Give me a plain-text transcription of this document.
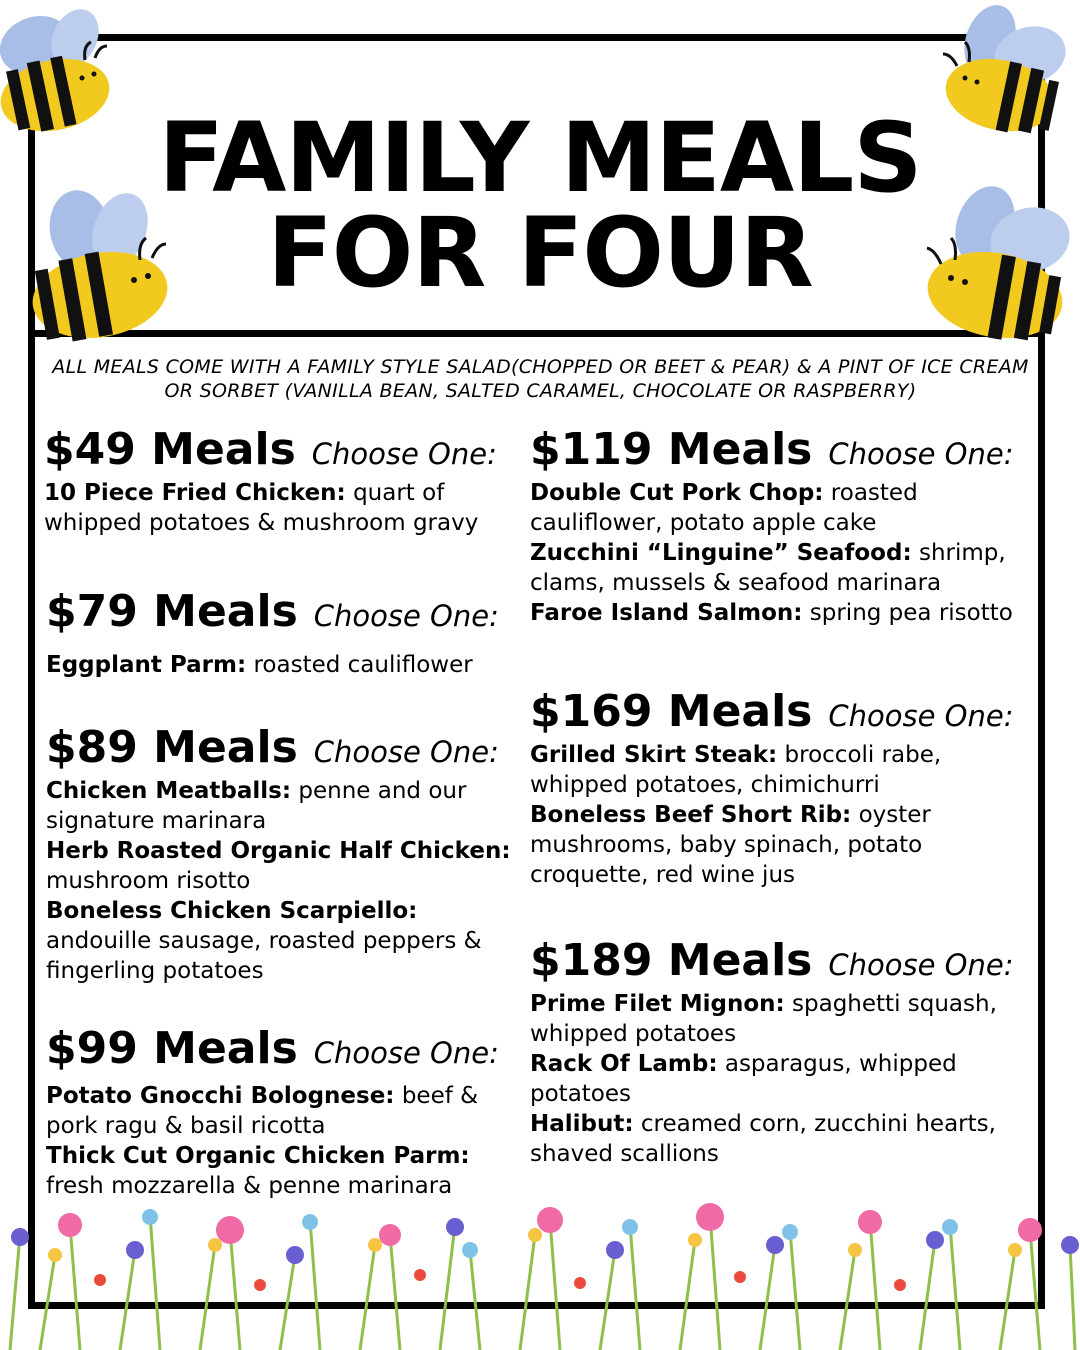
FAMILY MEALS
FOR FOUR

ALL MEALS COME WITH A FAMILY STYLE SALAD(CHOPPED OR BEET & PEAR) & A PINT OF ICE CREAM OR SORBET (VANILLA BEAN, SALTED CARAMEL, CHOCOLATE OR RASPBERRY)

$49 Meals Choose One:

10 Piece Fried Chicken: quart of whipped potatoes & mushroom gravy

$79 Meals Choose One:

Eggplant Parm: roasted cauliflower

$89 Meals Choose One:

Chicken Meatballs: penne and our signature marinara

Herb Roasted Organic Half Chicken: mushroom risotto

Boneless Chicken Scarpiello: andouille sausage, roasted peppers & fingerling potatoes

$99 Meals Choose One:

Potato Gnocchi Bolognese: beef & pork ragu & basil ricotta

Thick Cut Organic Chicken Parm: fresh mozzarella & penne marinara

$119 Meals Choose One:

Double Cut Pork Chop: roasted cauliflower, potato apple cake

Zucchini “Linguine” Seafood: shrimp, clams, mussels & seafood marinara

Faroe Island Salmon: spring pea risotto

$169 Meals Choose One:

Grilled Skirt Steak: broccoli rabe, whipped potatoes, chimichurri

Boneless Beef Short Rib: oyster mushrooms, baby spinach, potato croquette, red wine jus

$189 Meals Choose One:

Prime Filet Mignon: spaghetti squash, whipped potatoes

Rack Of Lamb: asparagus, whipped potatoes

Halibut: creamed corn, zucchini hearts, shaved scallions
